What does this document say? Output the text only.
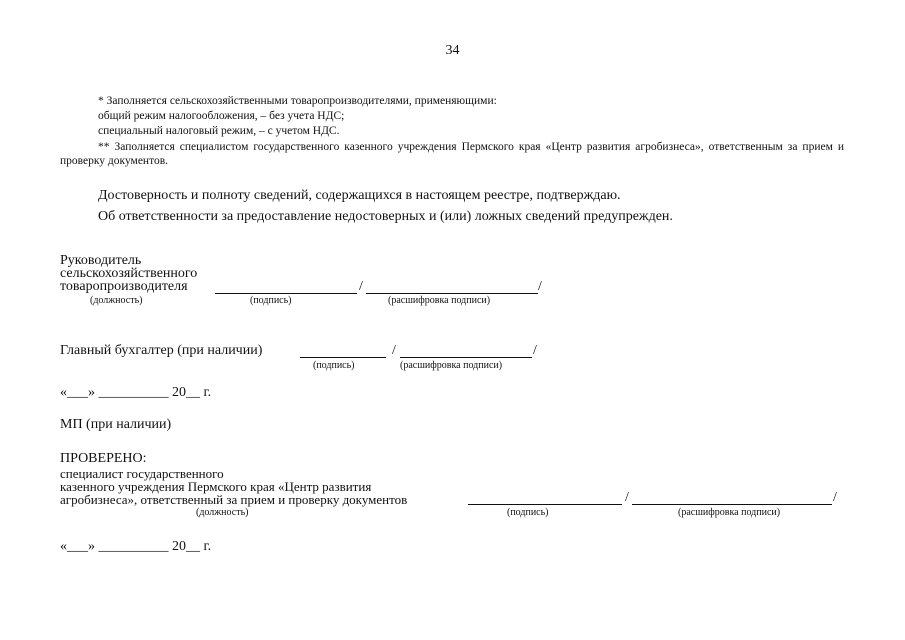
34
* Заполняется сельскохозяйственными товаропроизводителями, применяющими:
общий режим налогообложения, – без учета НДС;
специальный налоговый режим, – с учетом НДС.
** Заполняется специалистом государственного казенного учреждения Пермского края «Центр развития агробизнеса», ответственным за прием и проверку документов.
Достоверность и полноту сведений, содержащихся в настоящем реестре, подтверждаю.
Об ответственности за предоставление недостоверных и (или) ложных сведений предупрежден.
Руководитель
сельскохозяйственного
товаропроизводителя	/	/
(должность)	(подпись)	(расшифровка подписи)
Главный бухгалтер (при наличии)	/	/
(подпись)	(расшифровка подписи)
«___» __________ 20__ г.
МП (при наличии)
ПРОВЕРЕНО:
специалист государственного
казенного учреждения Пермского края «Центр развития
агробизнеса», ответственный за прием и проверку документов	/	/
(должность)	(подпись)	(расшифровка подписи)
«___» __________ 20__ г.
